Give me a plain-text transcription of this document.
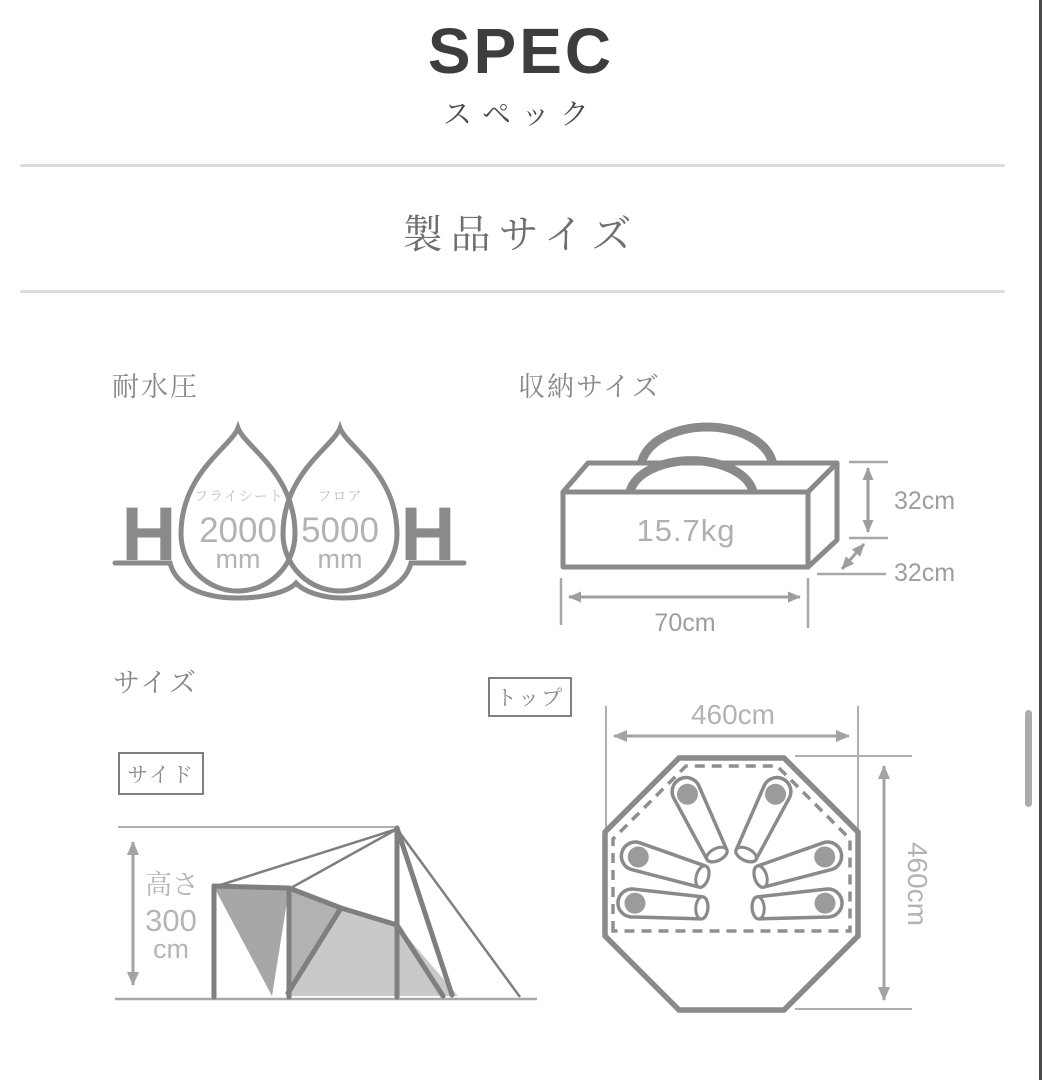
SPEC
スペック
製品サイズ
耐水圧	収納サイズ
サイズ
H	H
フライシート
2000
mm
フロア
5000
mm
15.7kg
32cm
32cm
70cm
トップ
サイド
高さ
300
cm
460cm
460cm
